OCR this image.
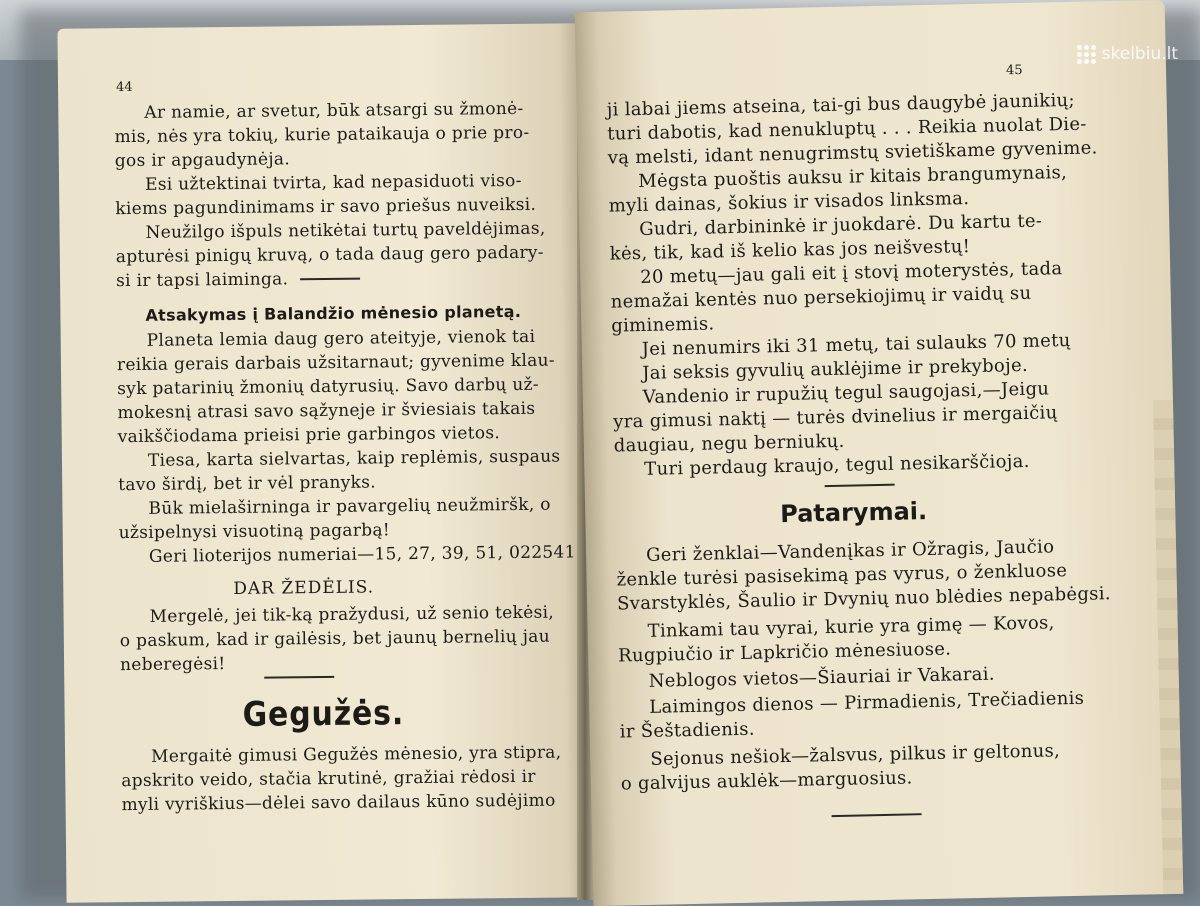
44
Ar namie, ar svetur, būk atsargi su žmonė-
mis, nės yra tokių, kurie pataikauja o prie pro-
gos ir apgaudynėja.
Esi užtektinai tvirta, kad nepasiduoti viso-
kiems pagundinimams ir savo priešus nuveiksi.
Neužilgo išpuls netikėtai turtų paveldėjimas,
apturėsi pinigų kruvą, o tada daug gero padary-
si ir tapsi laiminga.
Atsakymas į Balandžio mėnesio planetą.
Planeta lemia daug gero ateityje, vienok tai
reikia gerais darbais užsitarnaut; gyvenime klau-
syk patarinių žmonių datyrusių. Savo darbų už-
mokesnį atrasi savo sąžyneje ir šviesiais takais
vaikščiodama prieisi prie garbingos vietos.
Tiesa, karta sielvartas, kaip replėmis, suspaus
tavo širdį, bet ir vėl pranyks.
Būk mielaširninga ir pavargelių neužmiršk, o
užsipelnysi visuotiną pagarbą!
Geri lioterijos numeriai—15, 27, 39, 51, 022541
DAR ŽEDĖLIS.
Mergelė, jei tik-ką pražydusi, už senio tekėsi,
o paskum, kad ir gailėsis, bet jaunų bernelių jau
neberegėsi!
Gegužės.
Mergaitė gimusi Gegužės mėnesio, yra stipra,
apskrito veido, stačia krutinė, gražiai rėdosi ir
myli vyriškius—dėlei savo dailaus kūno sudėjimo
45
ji labai jiems atseina, tai-gi bus daugybė jaunikių;
turi dabotis, kad nenukluptų . . . Reikia nuolat Die-
vą melsti, idant nenugrimstų svietiškame gyvenime.
Mėgsta puoštis auksu ir kitais brangumynais,
myli dainas, šokius ir visados linksma.
Gudri, darbininkė ir juokdarė. Du kartu te-
kės, tik, kad iš kelio kas jos neišvestų!
20 metų—jau gali eit į stovį moterystės, tada
nemažai kentės nuo persekiojimų ir vaidų su
giminemis.
Jei nenumirs iki 31 metų, tai sulauks 70 metų
Jai seksis gyvulių auklėjime ir prekyboje.
Vandenio ir rupužių tegul saugojasi,—Jeigu
yra gimusi naktį — turės dvinelius ir mergaičių
daugiau, negu berniukų.
Turi perdaug kraujo, tegul nesikarščioja.
Patarymai.
Geri ženklai—Vandenįkas ir Ožragis, Jaučio
ženkle turėsi pasisekimą pas vyrus, o ženkluose
Svarstyklės, Šaulio ir Dvynių nuo blėdies nepabėgsi.
Tinkami tau vyrai, kurie yra gimę — Kovos,
Rugpiučio ir Lapkričio mėnesiuose.
Neblogos vietos—Šiauriai ir Vakarai.
Laimingos dienos — Pirmadienis, Trečiadienis
ir Šeštadienis.
Sejonus nešiok—žalsvus, pilkus ir geltonus,
o galvijus auklėk—marguosius.
skelbiu.lt
